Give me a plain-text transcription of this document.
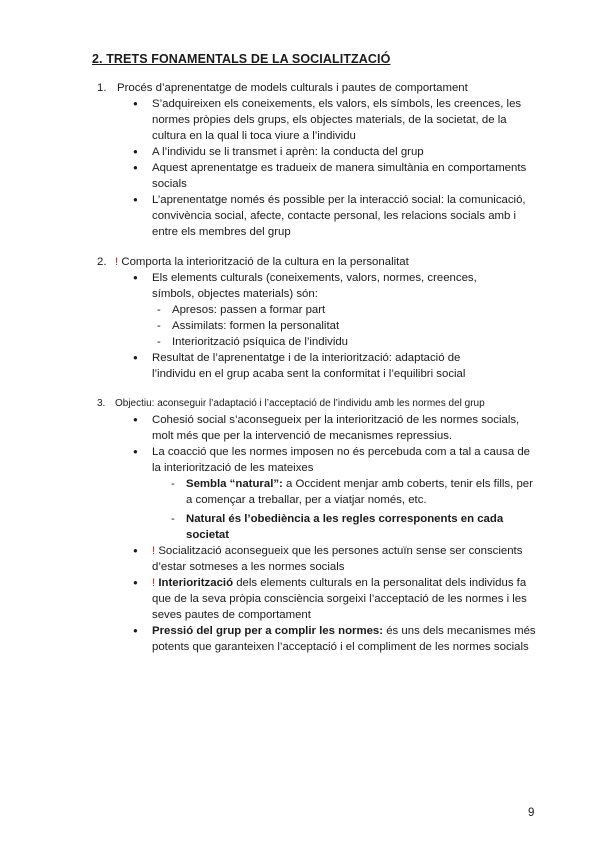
2. TRETS FONAMENTALS DE LA SOCIALITZACIÓ
1. Procés d’aprenentatge de models culturals i pautes de comportament
● S’adquireixen els coneixements, els valors, els símbols, les creences, les normes pròpies dels grups, els objectes materials, de la societat, de la cultura en la qual li toca viure a l’individu
● A l’individu se li transmet i aprèn: la conducta del grup
● Aquest aprenentatge es tradueix de manera simultània en comportaments socials
● L’aprenentatge només és possible per la interacció social: la comunicació, convivència social, afecte, contacte personal, les relacions socials amb i entre els membres del grup
2. ! Comporta la interiorització de la cultura en la personalitat
● Els elements culturals (coneixements, valors, normes, creences, símbols, objectes materials) són:
- Apresos: passen a formar part
- Assimilats: formen la personalitat
- Interiorització psíquica de l’individu
● Resultat de l’aprenentatge i de la interiorització: adaptació de l’individu en el grup acaba sent la conformitat i l’equilibri social
3. Objectiu: aconseguir l’adaptació i l’acceptació de l’individu amb les normes del grup
● Cohesió social s’aconsegueix per la interiorització de les normes socials, molt més que per la intervenció de mecanismes repressius.
● La coacció que les normes imposen no és percebuda com a tal a causa de la interiorització de les mateixes
- Sembla “natural”: a Occident menjar amb coberts, tenir els fills, per a començar a treballar, per a viatjar només, etc.
- Natural és l’obediència a les regles corresponents en cada societat
● ! Socialització aconsegueix que les persones actuïn sense ser conscients d’estar sotmeses a les normes socials
● ! Interiorització dels elements culturals en la personalitat dels individus fa que de la seva pròpia consciència sorgeixi l’acceptació de les normes i les seves pautes de comportament
● Pressió del grup per a complir les normes: és uns dels mecanismes més potents que garanteixen l’acceptació i el compliment de les normes socials
9
